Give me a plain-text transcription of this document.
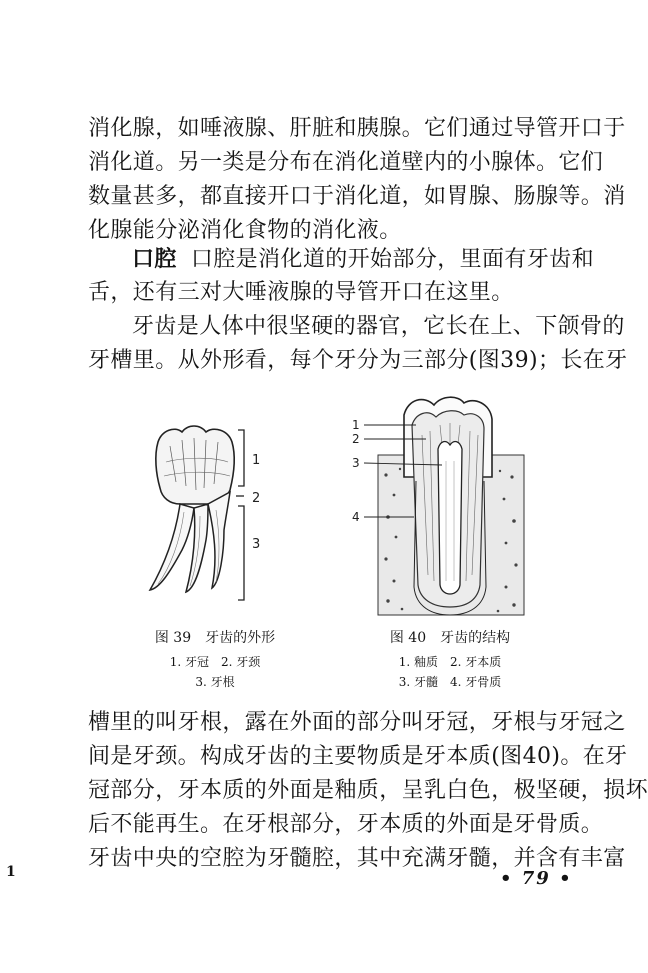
消化腺，如唾液腺、肝脏和胰腺。它们通过导管开口于
消化道。另一类是分布在消化道壁内的小腺体。它们
数量甚多，都直接开口于消化道，如胃腺、肠腺等。消
化腺能分泌消化食物的消化液。

口腔 口腔是消化道的开始部分，里面有牙齿和
舌，还有三对大唾液腺的导管开口在这里。

牙齿是人体中很坚硬的器官，它长在上、下颌骨的
牙槽里。从外形看，每个牙分为三部分(图39)；长在牙

1
2
3
1
2
3
4
图 39　牙齿的外形
1. 牙冠　2. 牙颈
3. 牙根
图 40　牙齿的结构
1. 釉质　2. 牙本质
3. 牙髓　4. 牙骨质

槽里的叫牙根，露在外面的部分叫牙冠，牙根与牙冠之
间是牙颈。构成牙齿的主要物质是牙本质(图40)。在牙
冠部分，牙本质的外面是釉质，呈乳白色，极坚硬，损坏
后不能再生。在牙根部分，牙本质的外面是牙骨质。
牙齿中央的空腔为牙髓腔，其中充满牙髓，并含有丰富

1	• 79 •
